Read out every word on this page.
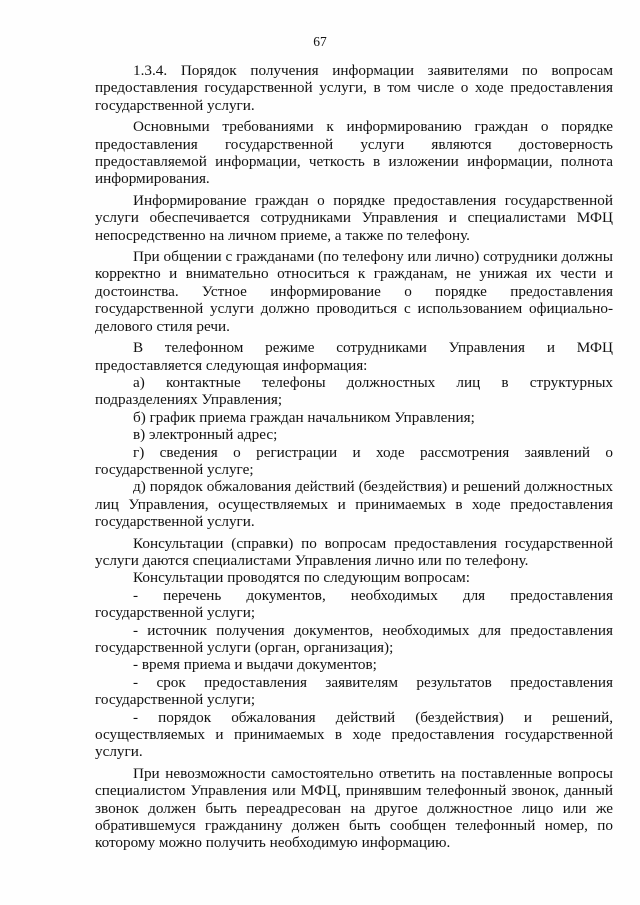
67

1.3.4. Порядок получения информации заявителями по вопросам предоставления государственной услуги, в том числе о ходе предоставления государственной услуги.

Основными требованиями к информированию граждан о порядке предоставления государственной услуги являются достоверность предоставляемой информации, четкость в изложении информации, полнота информирования.

Информирование граждан о порядке предоставления государственной услуги обеспечивается сотрудниками Управления и специалистами МФЦ непосредственно на личном приеме, а также по телефону.

При общении с гражданами (по телефону или лично) сотрудники должны корректно и внимательно относиться к гражданам, не унижая их чести и достоинства. Устное информирование о порядке предоставления государственной услуги должно проводиться с использованием официально-делового стиля речи.

В телефонном режиме сотрудниками Управления и МФЦ предоставляется следующая информация:

а) контактные телефоны должностных лиц в структурных подразделениях Управления;

б) график приема граждан начальником Управления;

в) электронный адрес;

г) сведения о регистрации и ходе рассмотрения заявлений о государственной услуге;

д) порядок обжалования действий (бездействия) и решений должностных лиц Управления, осуществляемых и принимаемых в ходе предоставления государственной услуги.

Консультации (справки) по вопросам предоставления государственной услуги даются специалистами Управления лично или по телефону.

Консультации проводятся по следующим вопросам:

- перечень документов, необходимых для предоставления государственной услуги;

- источник получения документов, необходимых для предоставления государственной услуги (орган, организация);

- время приема и выдачи документов;

- срок предоставления заявителям результатов предоставления государственной услуги;

- порядок обжалования действий (бездействия) и решений, осуществляемых и принимаемых в ходе предоставления государственной услуги.

При невозможности самостоятельно ответить на поставленные вопросы специалистом Управления или МФЦ, принявшим телефонный звонок, данный звонок должен быть переадресован на другое должностное лицо или же обратившемуся гражданину должен быть сообщен телефонный номер, по которому можно получить необходимую информацию.
